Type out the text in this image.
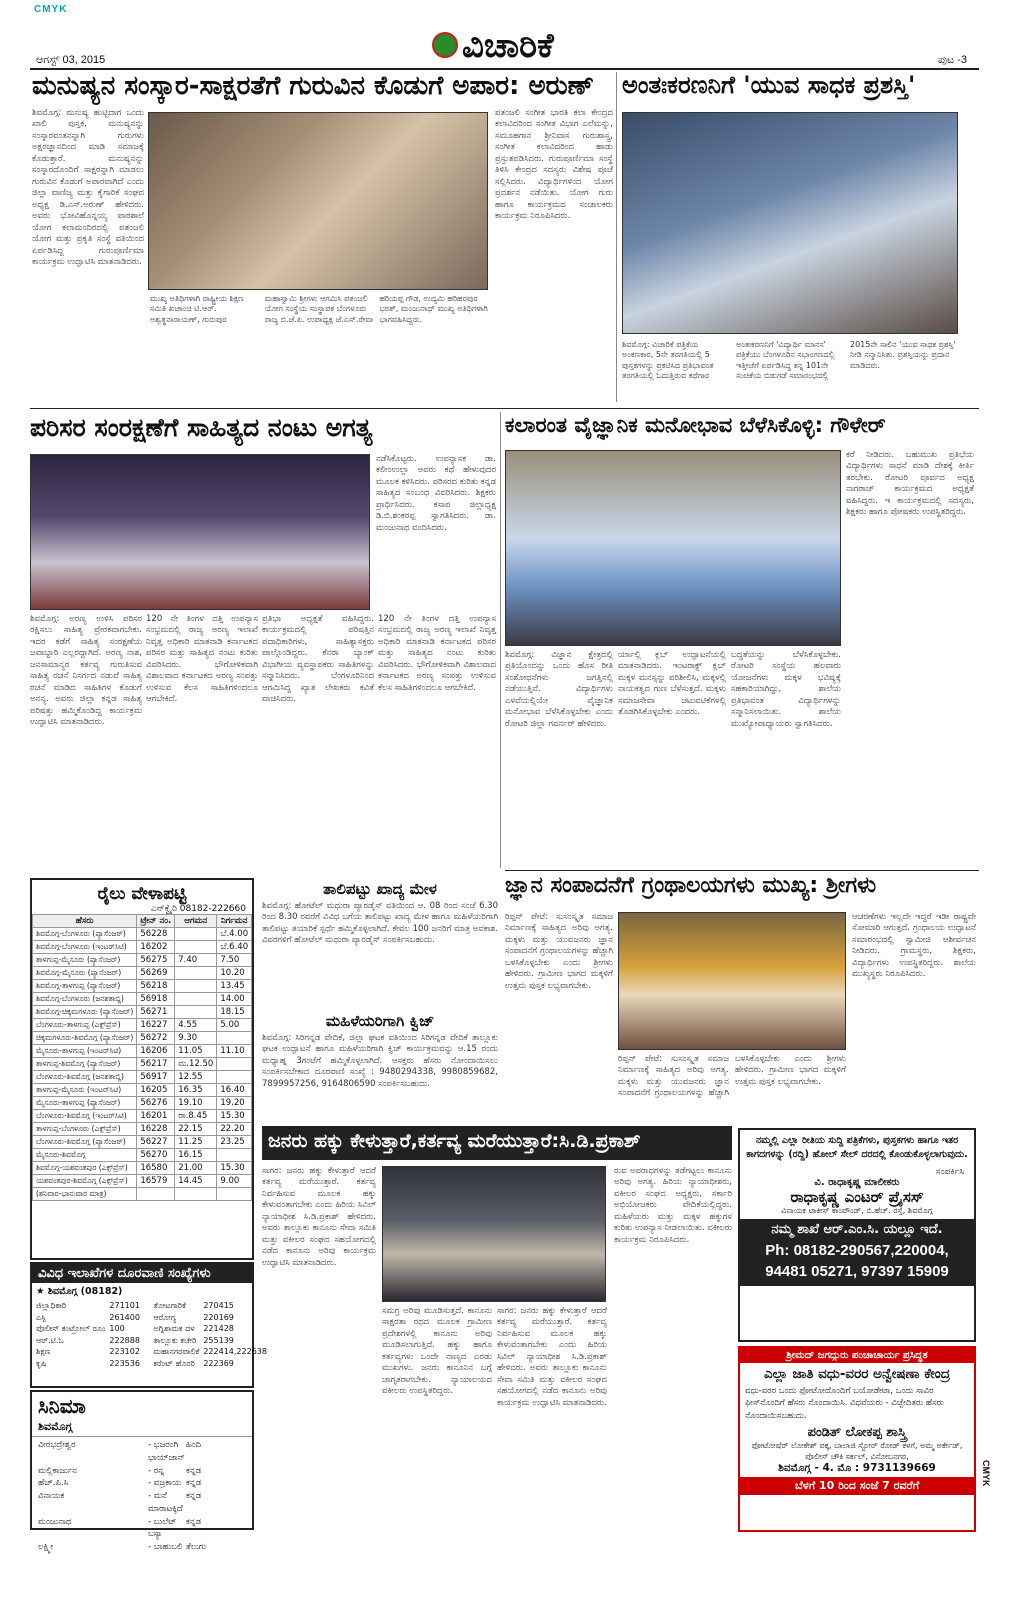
CMYK
ವಿಚಾರಿಕೆ
ಆಗಸ್ಟ್ 03, 2015	ಪುಟ -3
ಮನುಷ್ಯನ ಸಂಸ್ಕಾರ-ಸಾಕ್ಷರತೆಗೆ ಗುರುವಿನ ಕೊಡುಗೆ ಅಪಾರ: ಅರುಣ್
ಶಿವಮೊಗ್ಗ: ಮನುಷ್ಯ ಹುಟ್ಟಿದಾಗ ಒಂದು ಖಾಲಿ ಪುಸ್ತಕ, ಮನುಷ್ಯನನ್ನು ಸಂಸ್ಕಾರವಂತನನ್ನಾಗಿ ಗುರುಗಳು ಅಕ್ಷರಜ್ಞಾನದಿಂದ ಮಾಡಿ ಸಮಾಜಕ್ಕೆ ಕೊಡುತ್ತಾರೆ. ಮನುಷ್ಯನನ್ನು ಸಂಸ್ಕಾರದೊಂದಿಗೆ ಸಾಕ್ಷರನ್ನಾಗಿ ಮಾಡಲು ಗುರುವಿನ ಕೊಡುಗೆ ಅಪಾರವಾಗಿದೆ ಎಂದು ಜಿಲ್ಲಾ ವಾಣಿಜ್ಯ ಮತ್ತು ಕೈಗಾರಿಕೆ ಸಂಘದ ಅಧ್ಯಕ್ಷ ಡಿ.ಎಸ್.ಅರುಣ್ ಹೇಳಿದರು. ಅವರು ಭೋವಿಹೊನ್ನಯ್ಯ ಪಾಠಶಾಲೆ ಯೋಗ ಕಲಾಮಂದಿರದಲ್ಲಿ ಪತಂಜಲಿ ಯೋಗ ಮತ್ತು ಪ್ರಕೃತಿ ಸಂಸ್ಥೆ ವತಿಯಿಂದ ಏರ್ಪಡಿಸಿದ್ದ ಗುರುಪೂರ್ಣಿಮಾ ಕಾರ್ಯಕ್ರಮ ಉದ್ಘಾಟಿಸಿ ಮಾತನಾಡಿದರು.
ಪತಂಜಲಿ ಸಂಗೀತ ಭಾರತಿ ಕಲಾ ಕೇಂದ್ರದ ಕಲಾವಿದರಿಂದ ಸಂಗೀತ ವಿಭಾಗ ಎಲೆಮನ್ನು, ಸಮೂಹಗಾನ ಶ್ರೀನಿವಾಸ ಗುರುಶಾಸ್ತ್ರ, ಸಂಗೀತ ಕಲಾವಿದರಿಂದ ಹಾಡು ಪ್ರಸ್ತುತಪಡಿಸಿದರು. ಗುರುಪೂರ್ಣಿಮಾ ಸಂಸ್ಥೆ ತಿಳಿಸಿ ಕೇಂದ್ರದ ಸದಸ್ಯರು ವಿಶೇಷ ಪೂಜೆ ಸಲ್ಲಿಸಿದರು. ವಿದ್ಯಾರ್ಥಿಗಳಿಂದ ಯೋಗ ಪ್ರದರ್ಶನ ನಡೆಯಿತು. ಯೋಗ ಗುರು ಹಾಗೂ ಕಾರ್ಯಕ್ರಮದ ಸಂಚಾಲಕರು ಕಾರ್ಯಕ್ರಮ ನಿರೂಪಿಸಿದರು.
ಮುಖ್ಯ ಅತಿಥಿಗಳಾಗಿ ರಾಷ್ಟ್ರೀಯ ಶಿಕ್ಷಣ ಸಮಿತಿ ಖಜಾಂಚಿ ಟಿ.ಆರ್. ಅಶ್ವತ್ಥನಾರಾಯಣ್, ಗುರುಪುರ ಮಹಾಸ್ವಾಮಿ ಶ್ರೀಗಳು ಆಗಮಿಸಿ ಪತಂಜಲಿ ಯೋಗ ಸಂಸ್ಥೆಯ ಸಂಸ್ಥಾಪಕ ಬೆಂಗಳೂರು ರಾಜ್ಯ ಬಿ.ಜೆ.ಪಿ. ಉಪಾಧ್ಯಕ್ಷ ಜೆ.ಎಸ್.ರೇವಾ ಹರಿಯಪ್ಪ ಗೌಡ, ಉದ್ಯಮಿ ಹರಿಹರಪುರ ಭರತ್, ಮಂಜುನಾಥ್ ಮುಖ್ಯ ಅತಿಥಿಗಳಾಗಿ ಭಾಗವಹಿಸಿದ್ದರು.
ಅಂತಃಕರಣನಿಗೆ 'ಯುವ ಸಾಧಕ ಪ್ರಶಸ್ತಿ'
ಶಿವಮೊಗ್ಗ: ವಿಚಾರಿಕೆ ಪತ್ರಿಕೆಯ ಅಂಕಣಕಾರ, 5ನೇ ತರಗತಿಯಲ್ಲಿ 5 ಪುಸ್ತಕಗಳನ್ನು ಪ್ರಕಟಿಸಿದ ಪ್ರತಿಭಾವಂತ ತರಗತಿಯಲ್ಲಿ ಓದುತ್ತಿರುವ ಕಥೆಗಾರ ಅಂತಃಕರಣನಿಗೆ 'ವಿದ್ಯಾರ್ಥಿ ಮಾನಸ' ಪತ್ರಿಕೆಯು ಬೆಂಗಳೂರಿನ ಸಭಾಂಗಣದಲ್ಲಿ ಇತ್ತೀಚೆಗೆ ಏರ್ಪಡಿಸಿದ್ದ ತನ್ನ 101ನೇ ಸಂಚಿಕೆಯ ಬಿಡುಗಡೆ ಸಮಾರಂಭದಲ್ಲಿ 2015ನೇ ಸಾಲಿನ 'ಯುವ ಸಾಧಕ ಪ್ರಶಸ್ತಿ' ನೀಡಿ ಸನ್ಮಾನಿಸಿತು. ಪ್ರಶಸ್ತಿಯನ್ನು ಪ್ರದಾನ ಮಾಡಿದರು.
ಪರಿಸರ ಸಂರಕ್ಷಣೆಗೆ ಸಾಹಿತ್ಯದ ನಂಟು ಅಗತ್ಯ
ನಡೆಸಿಕೊಟ್ಟರು. ಉಪನ್ಯಾಸಕ ಡಾ. ಕಲೀಂಉಲ್ಲಾ ಅವರು ಕಥೆ ಹೇಳುವುದರ ಮೂಲಕ ಕಳಿಸಿದರು. ಪರಿಸರದ ಕುರಿತು ಕನ್ನಡ ಸಾಹಿತ್ಯದ ಸಂಬಂಧ ವಿವರಿಸಿದರು. ಶಿಕ್ಷಕರು ಪ್ರಾರ್ಥಿಸಿದರು. ಕಸಾಪ ಜಿಲ್ಲಾಧ್ಯಕ್ಷ ಡಿ.ಬಿ.ಶಂಕರಪ್ಪ ಸ್ವಾಗತಿಸಿದರು. ಡಾ. ಮಂಜುನಾಥ ವಂದಿಸಿದರು.
ಶಿವಮೊಗ್ಗ: ಅರಣ್ಯ ಉಳಿಸಿ ಪರಿಸರ ರಕ್ಷಿಸಲು ಸಾಹಿತ್ಯ ಪ್ರೇರಕವಾಗಬೇಕು. ಇದರ ಕಡೆಗೆ ಸಾಹಿತ್ಯ ಸಂರಕ್ಷಣೆಯ ಜವಾಬ್ದಾರಿ ಎಲ್ಲರದ್ದಾಗಿದೆ. ಅರಣ್ಯ ನಾಶ, ಜನಸಾಮಾನ್ಯರ ಕರ್ತವ್ಯ ಗುರುತಿಸುವ ಸಾಹಿತ್ಯ ರಚನೆ ನಿಸರ್ಗದ ನಡುವೆ ಸಾಹಿತ್ಯ ರಚನೆ ಮಾಡಿದ ಸಾಹಿತಿಗಳ ಕೊಡುಗೆ ಅನನ್ಯ. ಅವರು ಜಿಲ್ಲಾ ಕನ್ನಡ ಸಾಹಿತ್ಯ ಪರಿಷತ್ತು ಹಮ್ಮಿಕೊಂಡಿದ್ದ ಕಾರ್ಯಕ್ರಮ ಉದ್ಘಾಟಿಸಿ ಮಾತನಾಡಿದರು.
120 ನೇ ತಿಂಗಳ ದತ್ತಿ ಉಪನ್ಯಾಸ ಸಂಭ್ರಮದಲ್ಲಿ ರಾಜ್ಯ ಅರಣ್ಯ ಇಲಾಖೆ ನಿವೃತ್ತ ಅಧಿಕಾರಿ ಮಾತನಾಡಿ ಕರ್ನಾಟಕದ ಪರಿಸರ ಮತ್ತು ಸಾಹಿತ್ಯದ ನಂಟು ಕುರಿತು ವಿವರಿಸಿದರು. ಭೌಗೋಳಿಕವಾಗಿ ವಿಶಾಲವಾದ ಕರ್ನಾಟಕದ ಅರಣ್ಯ ಸಂಪತ್ತು ಉಳಿಸುವ ಕೆಲಸ ಸಾಹಿತಿಗಳಿಂದಲೂ ಆಗಬೇಕಿದೆ.
ಪ್ರತಿಭಾ ಅಧ್ಯಕ್ಷತೆ ವಹಿಸಿದ್ದರು. ಕಾರ್ಯಕ್ರಮದಲ್ಲಿ ಪರಿಷತ್ತಿನ ಪದಾಧಿಕಾರಿಗಳು, ಸಾಹಿತ್ಯಾಸಕ್ತರು ಪಾಲ್ಗೊಂಡಿದ್ದರು. ಕೆನರಾ ಬ್ಯಾಂಕ್ ವಿಭಾಗೀಯ ವ್ಯವಸ್ಥಾಪಕರು ಸಾಹಿತಿಗಳನ್ನು ಸನ್ಮಾನಿಸಿದರು. ಬೆಂಗಳೂರಿನಿಂದ ಆಗಮಿಸಿದ್ದ ಖ್ಯಾತ ಲೇಖಕರು ಕವಿತೆ ವಾಚಿಸಿದರು.
120 ನೇ ತಿಂಗಳ ದತ್ತಿ ಉಪನ್ಯಾಸ ಸಂಭ್ರಮದಲ್ಲಿ ರಾಜ್ಯ ಅರಣ್ಯ ಇಲಾಖೆ ನಿವೃತ್ತ ಅಧಿಕಾರಿ ಮಾತನಾಡಿ ಕರ್ನಾಟಕದ ಪರಿಸರ ಮತ್ತು ಸಾಹಿತ್ಯದ ನಂಟು ಕುರಿತು ವಿವರಿಸಿದರು. ಭೌಗೋಳಿಕವಾಗಿ ವಿಶಾಲವಾದ ಕರ್ನಾಟಕದ ಅರಣ್ಯ ಸಂಪತ್ತು ಉಳಿಸುವ ಕೆಲಸ ಸಾಹಿತಿಗಳಿಂದಲೂ ಆಗಬೇಕಿದೆ.
ಕಲಾರಂತ ವೈಜ್ಞಾನಿಕ ಮನೋಭಾವ ಬೆಳೆಸಿಕೊಳ್ಳಿ: ಗೌಳೇರ್
ಕರೆ ನೀಡಿದರು. ಬಹುಮುಖ ಪ್ರತಿಭೆಯ ವಿದ್ಯಾರ್ಥಿಗಳು ಸಾಧನೆ ಮಾಡಿ ದೇಶಕ್ಕೆ ಕೀರ್ತಿ ತರಬೇಕು. ರೋಟರಿ ಪೂರ್ವದ ಅಧ್ಯಕ್ಷ ನಾಗರಾಜ್ ಕಾರ್ಯಕ್ರಮದ ಅಧ್ಯಕ್ಷತೆ ವಹಿಸಿದ್ದರು. ಇ ಕಾರ್ಯಕ್ರಮದಲ್ಲಿ ಸದಸ್ಯರು, ಶಿಕ್ಷಕರು ಹಾಗೂ ಪೋಷಕರು ಉಪಸ್ಥಿತರಿದ್ದರು.
ಶಿವಮೊಗ್ಗ: ವಿಜ್ಞಾನ ಕ್ಷೇತ್ರದಲ್ಲಿ ಪ್ರತಿಯೊಂದನ್ನು ಒಂದು ಹೊಸ ರೀತಿ ಸಂಶೋಧನೆಗಳು ಜಗತ್ತಿನಲ್ಲಿ ನಡೆಯುತ್ತಿವೆ. ವಿದ್ಯಾರ್ಥಿಗಳು ಎಳವೆಯಲ್ಲಿಯೇ ವೈಜ್ಞಾನಿಕ ಮನೋಭಾವ ಬೆಳೆಸಿಕೊಳ್ಳಬೇಕು ಎಂದು ರೋಟರಿ ಜಿಲ್ಲಾ ಗವರ್ನರ್ ಹೇಳಿದರು.
ರ್ಯಾಲ್ಲಿ ಕ್ಲಬ್ ಉದ್ಘಾಟನೆಯಲ್ಲಿ ಮಾತನಾಡಿದರು. ಇಂಟರಾಕ್ಟ್ ಕ್ಲಬ್ ಮಕ್ಕಳ ಮನಸ್ಸನ್ನು ಪರಿಶೀಲಿಸಿ, ಮಕ್ಕಳಲ್ಲಿ ನಾಯಕತ್ವದ ಗುಣ ಬೆಳೆಸುತ್ತದೆ. ಮಕ್ಕಳು ಸಮಾಜಸೇವಾ ಚಟುವಟಿಕೆಗಳಲ್ಲಿ ತೊಡಗಿಸಿಕೊಳ್ಳಬೇಕು ಎಂದರು.
ಬದ್ಧತೆಯನ್ನು ಬೆಳೆಸಿಕೊಳ್ಳಬೇಕು. ರೋಟರಿ ಸಂಸ್ಥೆಯ ಹಲವಾರು ಯೋಜನೆಗಳು ಮಕ್ಕಳ ಭವಿಷ್ಯಕ್ಕೆ ಸಹಕಾರಿಯಾಗಿದ್ದು, ಶಾಲೆಯ ಪ್ರತಿಭಾವಂತ ವಿದ್ಯಾರ್ಥಿಗಳನ್ನು ಸನ್ಮಾನಿಸಲಾಯಿತು. ಶಾಲೆಯ ಮುಖ್ಯೋಪಾಧ್ಯಾಯರು ಸ್ವಾಗತಿಸಿದರು.
ಜ್ಞಾನ ಸಂಪಾದನೆಗೆ ಗ್ರಂಥಾಲಯಗಳು ಮುಖ್ಯ: ಶ್ರೀಗಳು
ರಿಪ್ಪನ್ ಪೇಟೆ: ಸುಸಂಸ್ಕೃತ ಸಮಾಜ ನಿರ್ಮಾಣಕ್ಕೆ ಸಾಹಿತ್ಯದ ಅರಿವು ಅಗತ್ಯ. ಮಕ್ಕಳು ಮತ್ತು ಯುವಜನರು ಜ್ಞಾನ ಸಂಪಾದನೆಗೆ ಗ್ರಂಥಾಲಯಗಳನ್ನು ಹೆಚ್ಚಾಗಿ ಬಳಸಿಕೊಳ್ಳಬೇಕು ಎಂದು ಶ್ರೀಗಳು ಹೇಳಿದರು. ಗ್ರಾಮೀಣ ಭಾಗದ ಮಕ್ಕಳಿಗೆ ಉತ್ತಮ ಪುಸ್ತಕ ಲಭ್ಯವಾಗಬೇಕು.
ಆಚರಣೆಗಳು ಇಲ್ಲದೇ ಇದ್ದರೆ ಇಡೀ ರಾಷ್ಟ್ರವೇ ಸೋಮಾರಿ ಆಗುತ್ತದೆ. ಗ್ರಂಥಾಲಯ ಉದ್ಘಾಟನೆ ಸಮಾರಂಭದಲ್ಲಿ ಸ್ವಾಮೀಜಿ ಆಶೀರ್ವಚನ ನೀಡಿದರು. ಗ್ರಾಮಸ್ಥರು, ಶಿಕ್ಷಕರು, ವಿದ್ಯಾರ್ಥಿಗಳು ಉಪಸ್ಥಿತರಿದ್ದರು. ಶಾಲೆಯ ಮುಖ್ಯಸ್ಥರು ನಿರೂಪಿಸಿದರು.
ರಿಪ್ಪನ್ ಪೇಟೆ: ಸುಸಂಸ್ಕೃತ ಸಮಾಜ ನಿರ್ಮಾಣಕ್ಕೆ ಸಾಹಿತ್ಯದ ಅರಿವು ಅಗತ್ಯ. ಮಕ್ಕಳು ಮತ್ತು ಯುವಜನರು ಜ್ಞಾನ ಸಂಪಾದನೆಗೆ ಗ್ರಂಥಾಲಯಗಳನ್ನು ಹೆಚ್ಚಾಗಿ ಬಳಸಿಕೊಳ್ಳಬೇಕು ಎಂದು ಶ್ರೀಗಳು ಹೇಳಿದರು. ಗ್ರಾಮೀಣ ಭಾಗದ ಮಕ್ಕಳಿಗೆ ಉತ್ತಮ ಪುಸ್ತಕ ಲಭ್ಯವಾಗಬೇಕು.
ರೈಲು ವೇಳಾಪಟ್ಟಿ
ಎನ್‌ಕ್ವೈರಿ 08182-222660
ಹೆಸರು	ಟ್ರೇನ್ ನಂ.	ಆಗಮನ	ನಿರ್ಗಮನ
ಶಿವಮೊಗ್ಗ-ಬೆಂಗಳೂರು (ಪ್ಯಾಸೆಂಜರ್)	56228		ಬೆ.4.00
ಶಿವಮೊಗ್ಗ-ಬೆಂಗಳೂರು (ಇಂಟರ್‌ಸಿಟಿ)	16202		ಬೆ.6.40
ತಾಳಗುಪ್ಪ-ಮೈಸೂರು (ಪ್ಯಾಸೆಂಜರ್)	56275	7.40	7.50
ಶಿವಮೊಗ್ಗ-ಮೈಸೂರು (ಪ್ಯಾಸೆಂಜರ್)	56269		10.20
ಶಿವಮೊಗ್ಗ-ತಾಳಗುಪ್ಪ (ಪ್ಯಾಸೆಂಜರ್)	56218		13.45
ಶಿವಮೊಗ್ಗ-ಬೆಂಗಳೂರು (ಜನಶತಾಬ್ದಿ)	56918		14.00
ಶಿವಮೊಗ್ಗ-ಚಿಕ್ಕಮಗಳೂರು (ಪ್ಯಾಸೆಂಜರ್)	56271		18.15
ಬೆಂಗಳೂರು-ತಾಳಗುಪ್ಪ (ಎಕ್ಸ್‌ಪ್ರೆಸ್)	16227	4.55	5.00
ಚಿಕ್ಕಮಗಳೂರು-ಶಿವಮೊಗ್ಗ (ಪ್ಯಾಸೆಂಜರ್)	56272	9.30	
ಮೈಸೂರು-ತಾಳಗುಪ್ಪ (ಇಂಟರ್‌ಸಿಟಿ)	16206	11.05	11.10
ತಾಳಗುಪ್ಪ-ಶಿವಮೊಗ್ಗ (ಪ್ಯಾಸೆಂಜರ್)	56217	ಮ.12.50	
ಬೆಂಗಳೂರು-ಶಿವಮೊಗ್ಗ (ಜನಶತಾಬ್ದಿ)	56917	12.55	
ತಾಳಗುಪ್ಪ-ಮೈಸೂರು (ಇಂಟರ್‌ಸಿಟಿ)	16205	16.35	16.40
ಮೈಸೂರು-ತಾಳಗುಪ್ಪ (ಪ್ಯಾಸೆಂಜರ್)	56276	19.10	19.20
ಬೆಂಗಳೂರು-ಶಿವಮೊಗ್ಗ (ಇಂಟರ್‌ಸಿಟಿ)	16201	ರಾ.8.45	15.30
ತಾಳಗುಪ್ಪ-ಬೆಂಗಳೂರು (ಎಕ್ಸ್‌ಪ್ರೆಸ್)	16228	22.15	22.20
ಬೆಂಗಳೂರು-ಶಿವಮೊಗ್ಗ (ಪ್ಯಾಸೆಂಜರ್)	56227	11.25	23.25
ಮೈಸೂರು-ಶಿವಮೊಗ್ಗ	56270	16.15	
ಶಿವಮೊಗ್ಗ-ಯಶವಂತಪುರ (ಎಕ್ಸ್‌ಪ್ರೆಸ್)	16580	21.00	15.30
ಯಶವಂತಪುರ-ಶಿವಮೊಗ್ಗ (ಎಕ್ಸ್‌ಪ್ರೆಸ್)	16579	14.45	9.00
(ಶನಿವಾರ-ಭಾನುವಾರ ಮಾತ್ರ)			
ವಿವಿಧ ಇಲಾಖೆಗಳ ದೂರವಾಣಿ ಸಂಖ್ಯೆಗಳು
★ ಶಿವಮೊಗ್ಗ (08182)
ಜಿಲ್ಲಾಧಿಕಾರಿ	271101	ತೋಟಗಾರಿಕೆ	270415
ಎಸ್ಪಿ	261400	ಆರೋಗ್ಯ	220169
ಪೊಲೀಸ್ ಕಂಟ್ರೋಲ್ ರೂಂ 100	ಅಗ್ನಿಶಾಮಕ ದಳ	221428
ಆರ್.ಟಿ.ಓ	222888	ತಾಲ್ಲೂಕು ಕಚೇರಿ 255139
ಶಿಕ್ಷಣ	223102	ಮಹಾನಗರಪಾಲಿಕೆ 222414,222638
ಕೃಷಿ	223536	ಕರೆಂಟ್ ಹೊರರಿ	222369
ಸಿನಿಮಾ
ಶಿವಮೊಗ್ಗ
ವೀರಭದ್ರೇಶ್ವರ	- ಭಜರಂಗಿ ಭಾಯ್‌ಜಾನ್
ಹಿಂದಿ
ಮಲ್ಲಿಕಾರ್ಜುನ	- ರನ್ನ	ಕನ್ನಡ
ಹೆಚ್.ಪಿ.ಸಿ	- ವಜ್ರಕಾಯ ಕನ್ನಡ
ವಿನಾಯಕ	- ಮನೆ ಮಾರಾಟಕ್ಕಿದೆ
ಕನ್ನಡ
ಮಂಜುನಾಥ	- ಬುಲೆಟ್ ಬಸ್ಯಾ
ಕನ್ನಡ
ಲಕ್ಷ್ಮೀ	- ಬಾಹುಬಲಿ ತೆಲುಗು
ತಾಲಿಪಟ್ಟು ಖಾದ್ಯ ಮೇಳ
ಶಿವಮೊಗ್ಗ: ಹೋಟೆಲ್ ಮಥುರಾ ಪ್ಯಾರಡೈಸ್ ವತಿಯಿಂದ ಆ. 08 ರಿಂದ ಸಂಜೆ 6.30 ರಿಂದ 8.30 ರವರೆಗೆ ವಿವಿಧ ಬಗೆಯ ತಾಲಿಪಟ್ಟು ಖಾದ್ಯ ಮೇಳ ಹಾಗೂ ಮಹಿಳೆಯರಿಗಾಗಿ ತಾಲಿಪಟ್ಟು ತಯಾರಿಕೆ ಸ್ಪರ್ಧೆ ಹಮ್ಮಿಕೊಳ್ಳಲಾಗಿದೆ. ಕೇವಲ 100 ಜನರಿಗೆ ಮಾತ್ರ ಅವಕಾಶ. ವಿವರಗಳಿಗೆ ಹೋಟೆಲ್ ಮಥುರಾ ಪ್ಯಾರಡೈಸ್ ಸಂಪರ್ಕಿಸಬಹುದು.
ಮಹಿಳೆಯರಿಗಾಗಿ ಕ್ವಿಜ್
ಶಿವಮೊಗ್ಗ: ಸಿರಿಗನ್ನಡ ವೇದಿಕೆ, ಜಿಲ್ಲಾ ಘಟಕ ವತಿಯಿಂದ ಸಿರಿಗನ್ನಡ ವೇದಿಕೆ ತಾಲ್ಲೂಕು ಘಟಕ ಉದ್ಘಾಟನೆ ಹಾಗೂ ಮಹಿಳೆಯರಿಗಾಗಿ ಕ್ವಿಜ್ ಕಾರ್ಯಕ್ರಮವನ್ನು ಆ.15 ರಂದು ಮಧ್ಯಾಹ್ನ 3ಗಂಟೆಗೆ ಹಮ್ಮಿಕೊಳ್ಳಲಾಗಿದೆ. ಆಸಕ್ತರು ಹೆಸರು ನೋಂದಾಯಿಸಲು ಸಂಪರ್ಕಿಸಬೇಕಾದ ದೂರವಾಣಿ ಸಂಖ್ಯೆ : 9480294338, 9980859682, 7899957256, 9164806590 ಸಂಪರ್ಕಿಸಬಹುದು.
ಜನರು ಹಕ್ಕು ಕೇಳುತ್ತಾರೆ,ಕರ್ತವ್ಯ ಮರೆಯುತ್ತಾರೆ:ಸಿ.ಡಿ.ಪ್ರಕಾಶ್
ಸಾಗರ: ಜನರು ಹಕ್ಕು ಕೇಳುತ್ತಾರೆ ಆದರೆ ಕರ್ತವ್ಯ ಮರೆಯುತ್ತಾರೆ. ಕರ್ತವ್ಯ ನಿರ್ವಹಿಸುವ ಮೂಲಕ ಹಕ್ಕು ಕೇಳುವಂತಾಗಬೇಕು ಎಂದು ಹಿರಿಯ ಸಿವಿಲ್ ನ್ಯಾಯಾಧೀಶ ಸಿ.ಡಿ.ಪ್ರಕಾಶ್ ಹೇಳಿದರು. ಅವರು ತಾಲ್ಲೂಕು ಕಾನೂನು ಸೇವಾ ಸಮಿತಿ ಮತ್ತು ವಕೀಲರ ಸಂಘದ ಸಹಯೋಗದಲ್ಲಿ ನಡೆದ ಕಾನೂನು ಅರಿವು ಕಾರ್ಯಕ್ರಮ ಉದ್ಘಾಟಿಸಿ ಮಾತನಾಡಿದರು.
ಸಮಗ್ರ ಅರಿವು ಮೂಡಿಸುತ್ತದೆ. ಕಾನೂನು ಸಾಕ್ಷರತಾ ರಥದ ಮೂಲಕ ಗ್ರಾಮೀಣ ಪ್ರದೇಶಗಳಲ್ಲಿ ಕಾನೂನು ಅರಿವು ಮೂಡಿಸಲಾಗುತ್ತಿದೆ. ಹಕ್ಕು ಹಾಗೂ ಕರ್ತವ್ಯಗಳು ಒಂದೇ ನಾಣ್ಯದ ಎರಡು ಮುಖಗಳು. ಜನರು ಕಾನೂನಿನ ಬಗ್ಗೆ ಜಾಗೃತರಾಗಬೇಕು. ನ್ಯಾಯಾಲಯದ ವಕೀಲರು ಉಪಸ್ಥಿತರಿದ್ದರು.
ಸಾಗರ: ಜನರು ಹಕ್ಕು ಕೇಳುತ್ತಾರೆ ಆದರೆ ಕರ್ತವ್ಯ ಮರೆಯುತ್ತಾರೆ. ಕರ್ತವ್ಯ ನಿರ್ವಹಿಸುವ ಮೂಲಕ ಹಕ್ಕು ಕೇಳುವಂತಾಗಬೇಕು ಎಂದು ಹಿರಿಯ ಸಿವಿಲ್ ನ್ಯಾಯಾಧೀಶ ಸಿ.ಡಿ.ಪ್ರಕಾಶ್ ಹೇಳಿದರು. ಅವರು ತಾಲ್ಲೂಕು ಕಾನೂನು ಸೇವಾ ಸಮಿತಿ ಮತ್ತು ವಕೀಲರ ಸಂಘದ ಸಹಯೋಗದಲ್ಲಿ ನಡೆದ ಕಾನೂನು ಅರಿವು ಕಾರ್ಯಕ್ರಮ ಉದ್ಘಾಟಿಸಿ ಮಾತನಾಡಿದರು.
ರುವ ಅಪರಾಧಗಳನ್ನು ತಡೆಗಟ್ಟಲು ಕಾನೂನು ಅರಿವು ಅಗತ್ಯ. ಹಿರಿಯ ನ್ಯಾಯಾಧೀಶರು, ವಕೀಲರ ಸಂಘದ ಅಧ್ಯಕ್ಷರು, ಸರ್ಕಾರಿ ಅಭಿಯೋಜಕರು ವೇದಿಕೆಯಲ್ಲಿದ್ದರು. ಮಹಿಳೆಯರು ಮತ್ತು ಮಕ್ಕಳ ಹಕ್ಕುಗಳ ಕುರಿತು ಉಪನ್ಯಾಸ ನೀಡಲಾಯಿತು. ವಕೀಲರು ಕಾರ್ಯಕ್ರಮ ನಿರೂಪಿಸಿದರು.
ನಮ್ಮಲ್ಲಿ ಎಲ್ಲಾ ರೀತಿಯ ಸುದ್ದಿ ಪತ್ರಿಕೆಗಳು, ಪುಸ್ತಕಗಳು ಹಾಗೂ ಇತರ ಕಾಗದಗಳನ್ನು (ರದ್ದಿ) ಹೋಲ್ ಸೇಲ್ ದರದಲ್ಲಿ ಕೊಂಡುಕೊಳ್ಳಲಾಗುವುದು.
ಸಂಪರ್ಕಿಸಿ
ವಿ. ರಾಧಾಕೃಷ್ಣ ಮಾಲೀಕರು
ರಾಧಾಕೃಷ್ಣ ಎಂಟರ್ ಪ್ರೈಸಸ್
ವಿನಾಯಕ ಟಾಕೀಸ್ ಕಾಂಪೌಂಡ್, ಬಿ.ಹೆಚ್. ರಸ್ತೆ, ಶಿವಮೊಗ್ಗ
ನಮ್ಮ ಶಾಖೆ ಆರ್.ಎಂ.ಸಿ. ಯಲ್ಲೂ ಇದೆ.
Ph: 08182-290567,220004,
94481 05271, 97397 15909
ಶ್ರೀಮದ್ ಜಗದ್ಗುರು ಪಂಚಾಚಾರ್ಯ ಪ್ರಸಿದ್ಧತ
ಎಲ್ಲಾ ಜಾತಿ ವಧು-ವರರ ಅನ್ವೇಷಣಾ ಕೇಂದ್ರ
ವಧು-ವರರ ಒಂದು ಫೋಟೋದೊಂದಿಗೆ ಬಯೋಡೇಟಾ, ಒಂದು ಸಾವಿರ ಫೀಸ್‌ನೊಂದಿಗೆ ಹೆಸರು ನೊಂದಾಯಿಸಿ. ವಿಧವೆಯರು - ವಿಚ್ಛೇದಿತರು ಹೆಸರು ನೊಂದಾಯಿಸಬಹುದು.
ಪಂಡಿತ್ ಲೋಕಪ್ಪ ಶಾಸ್ತ್ರಿ
ಫೋಟೋಷೆರ್ ಲೋಕೇಶ್ ಪಕ್ಕ, ಬಾಲಾಜಿ ಸ್ಟೋರ್ ರೋಡ್ ಕಳಗೆ, ಅಮ್ಮ ಅರ್ಕೇಡ್, ಪೊಲೀಸ್ ಚೌಕಿ ಸರ್ಕಲ್, ವಿನೋಬನಗರ,
ಶಿವಮೊಗ್ಗ - 4. ಮೊ : 9731139669
ಬೆಳಗೆ 10 ರಿಂದ ಸಂಜೆ 7 ರವರೆಗೆ	CMYK
